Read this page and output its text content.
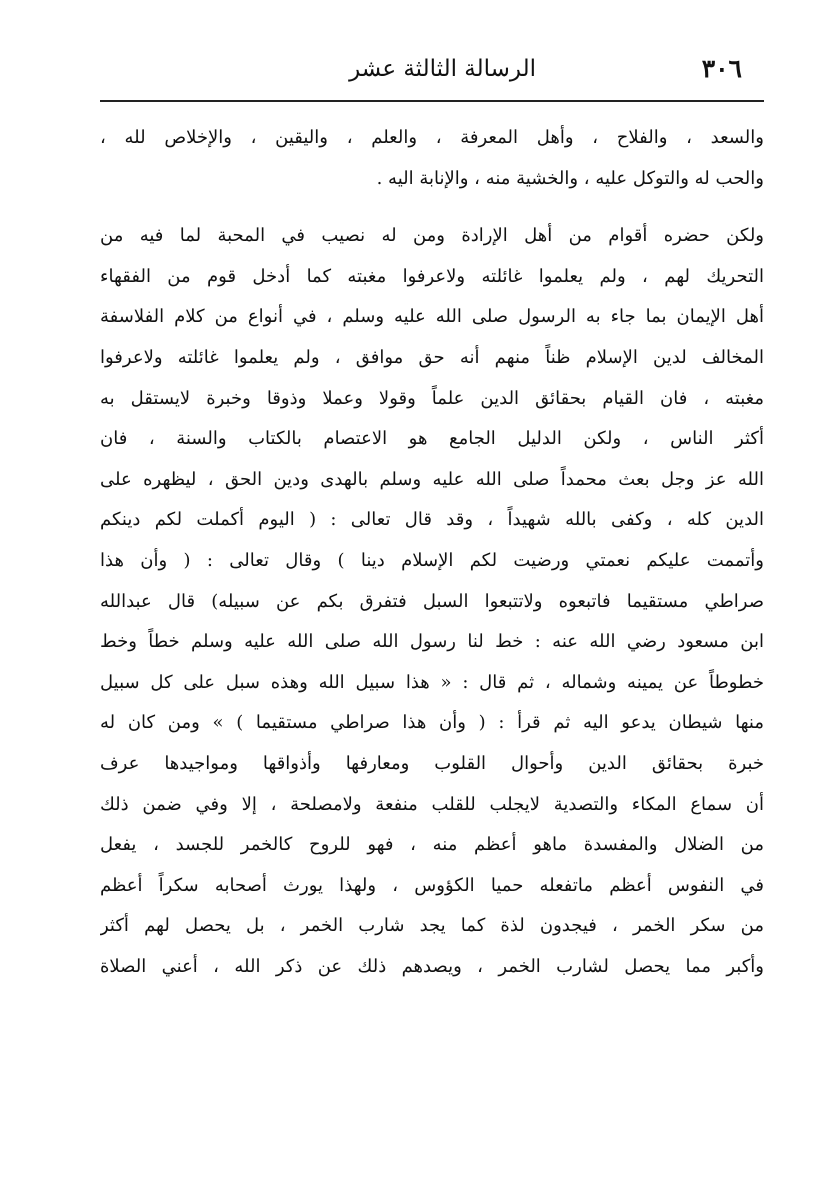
٣٠٦
الرسالة الثالثة عشر
والسعد ، والفلاح ، وأهل المعرفة ، والعلم ، واليقين ، والإخلاص لله ،
والحب له والتوكل عليه ، والخشية منه ، والإنابة اليه .
ولكن حضره أقوام من أهل الإرادة ومن له نصيب في المحبة لما فيه من
التحريك لهم ، ولم يعلموا غائلته ولاعرفوا مغبته كما أدخل قوم من الفقهاء
أهل الإيمان بما جاء به الرسول صلى الله عليه وسلم ، في أنواع من كلام الفلاسفة
المخالف لدين الإسلام ظناً منهم أنه حق موافق ، ولم يعلموا غائلته ولاعرفوا
مغبته ، فان القيام بحقائق الدين علماً وقولا وعملا وذوقا وخبرة لايستقل به
أكثر الناس ، ولكن الدليل الجامع هو الاعتصام بالكتاب والسنة ، فان
الله عز وجل بعث محمداً صلى الله عليه وسلم بالهدى ودين الحق ، ليظهره على
الدين كله ، وكفى بالله شهيداً ، وقد قال تعالى : ( اليوم أكملت لكم دينكم
وأتممت عليكم نعمتي ورضيت لكم الإسلام دينا ) وقال تعالى : ( وأن هذا
صراطي مستقيما فاتبعوه ولاتتبعوا السبل فتفرق بكم عن سبيله) قال عبدالله
ابن مسعود رضي الله عنه : خط لنا رسول الله صلى الله عليه وسلم خطاً وخط
خطوطاً عن يمينه وشماله ، ثم قال : « هذا سبيل الله وهذه سبل على كل سبيل
منها شيطان يدعو اليه ثم قرأ : ( وأن هذا صراطي مستقيما ) » ومن كان له
خبرة بحقائق الدين وأحوال القلوب ومعارفها وأذواقها ومواجيدها عرف
أن سماع المكاء والتصدية لايجلب للقلب منفعة ولامصلحة ، إلا وفي ضمن ذلك
من الضلال والمفسدة ماهو أعظم منه ، فهو للروح كالخمر للجسد ، يفعل
في النفوس أعظم ماتفعله حميا الكؤوس ، ولهذا يورث أصحابه سكراً أعظم
من سكر الخمر ، فيجدون لذة كما يجد شارب الخمر ، بل يحصل لهم أكثر
وأكبر مما يحصل لشارب الخمر ، ويصدهم ذلك عن ذكر الله ، أعني الصلاة
